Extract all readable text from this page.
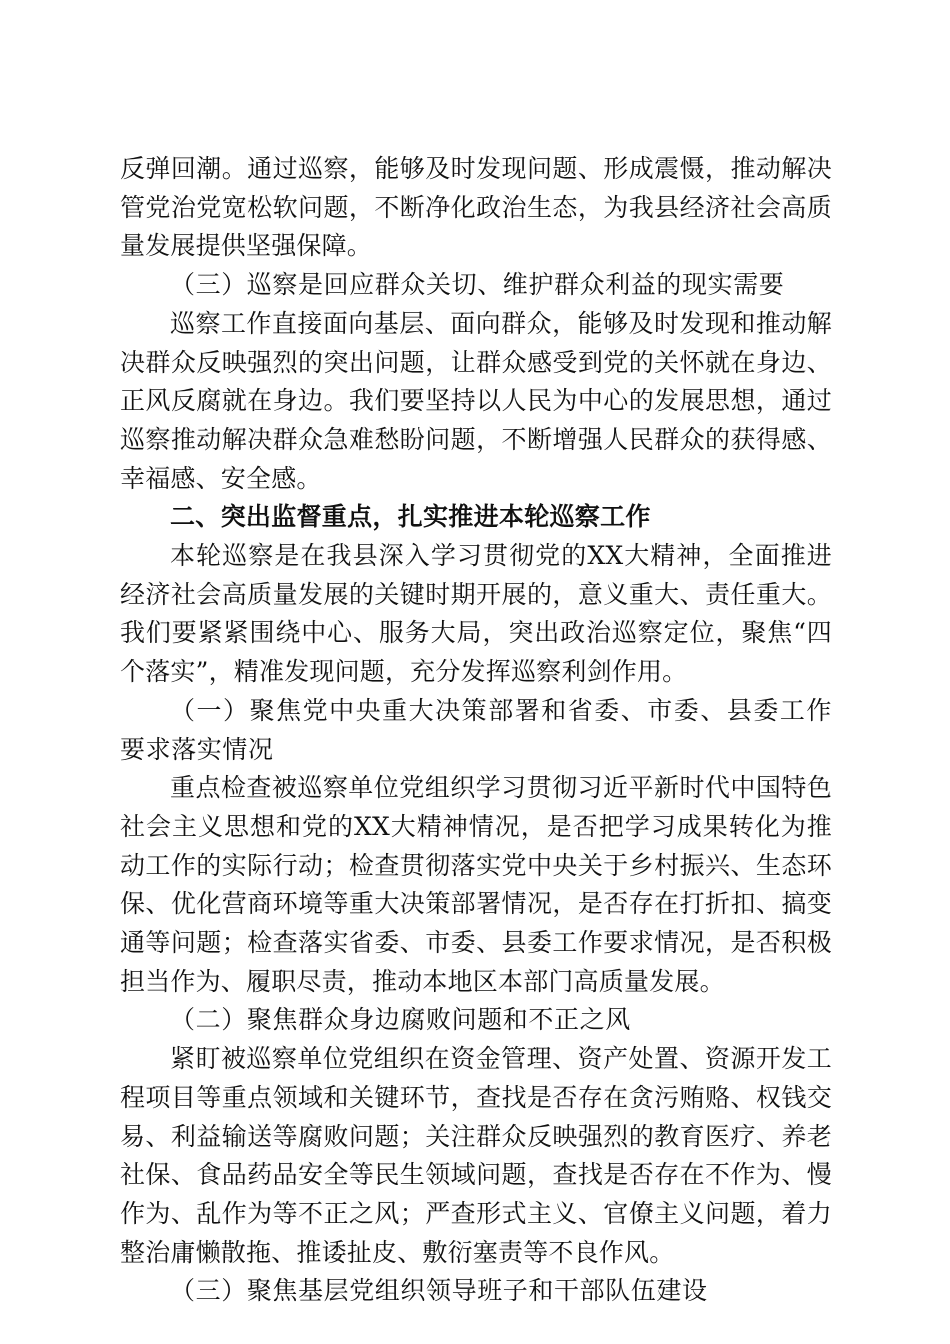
反弹回潮。通过巡察，能够及时发现问题、形成震慑，推动解决管党治党宽松软问题，不断净化政治生态，为我县经济社会高质量发展提供坚强保障。

（三）巡察是回应群众关切、维护群众利益的现实需要

巡察工作直接面向基层、面向群众，能够及时发现和推动解决群众反映强烈的突出问题，让群众感受到党的关怀就在身边、正风反腐就在身边。我们要坚持以人民为中心的发展思想，通过巡察推动解决群众急难愁盼问题，不断增强人民群众的获得感、幸福感、安全感。

二、突出监督重点，扎实推进本轮巡察工作

本轮巡察是在我县深入学习贯彻党的XX大精神，全面推进经济社会高质量发展的关键时期开展的，意义重大、责任重大。我们要紧紧围绕中心、服务大局，突出政治巡察定位，聚焦“四个落实”，精准发现问题，充分发挥巡察利剑作用。

（一）聚焦党中央重大决策部署和省委、市委、县委工作要求落实情况

重点检查被巡察单位党组织学习贯彻习近平新时代中国特色社会主义思想和党的XX大精神情况，是否把学习成果转化为推动工作的实际行动；检查贯彻落实党中央关于乡村振兴、生态环保、优化营商环境等重大决策部署情况，是否存在打折扣、搞变通等问题；检查落实省委、市委、县委工作要求情况，是否积极担当作为、履职尽责，推动本地区本部门高质量发展。

（二）聚焦群众身边腐败问题和不正之风

紧盯被巡察单位党组织在资金管理、资产处置、资源开发工程项目等重点领域和关键环节，查找是否存在贪污贿赂、权钱交易、利益输送等腐败问题；关注群众反映强烈的教育医疗、养老社保、食品药品安全等民生领域问题，查找是否存在不作为、慢作为、乱作为等不正之风；严查形式主义、官僚主义问题，着力整治庸懒散拖、推诿扯皮、敷衍塞责等不良作风。

（三）聚焦基层党组织领导班子和干部队伍建设
